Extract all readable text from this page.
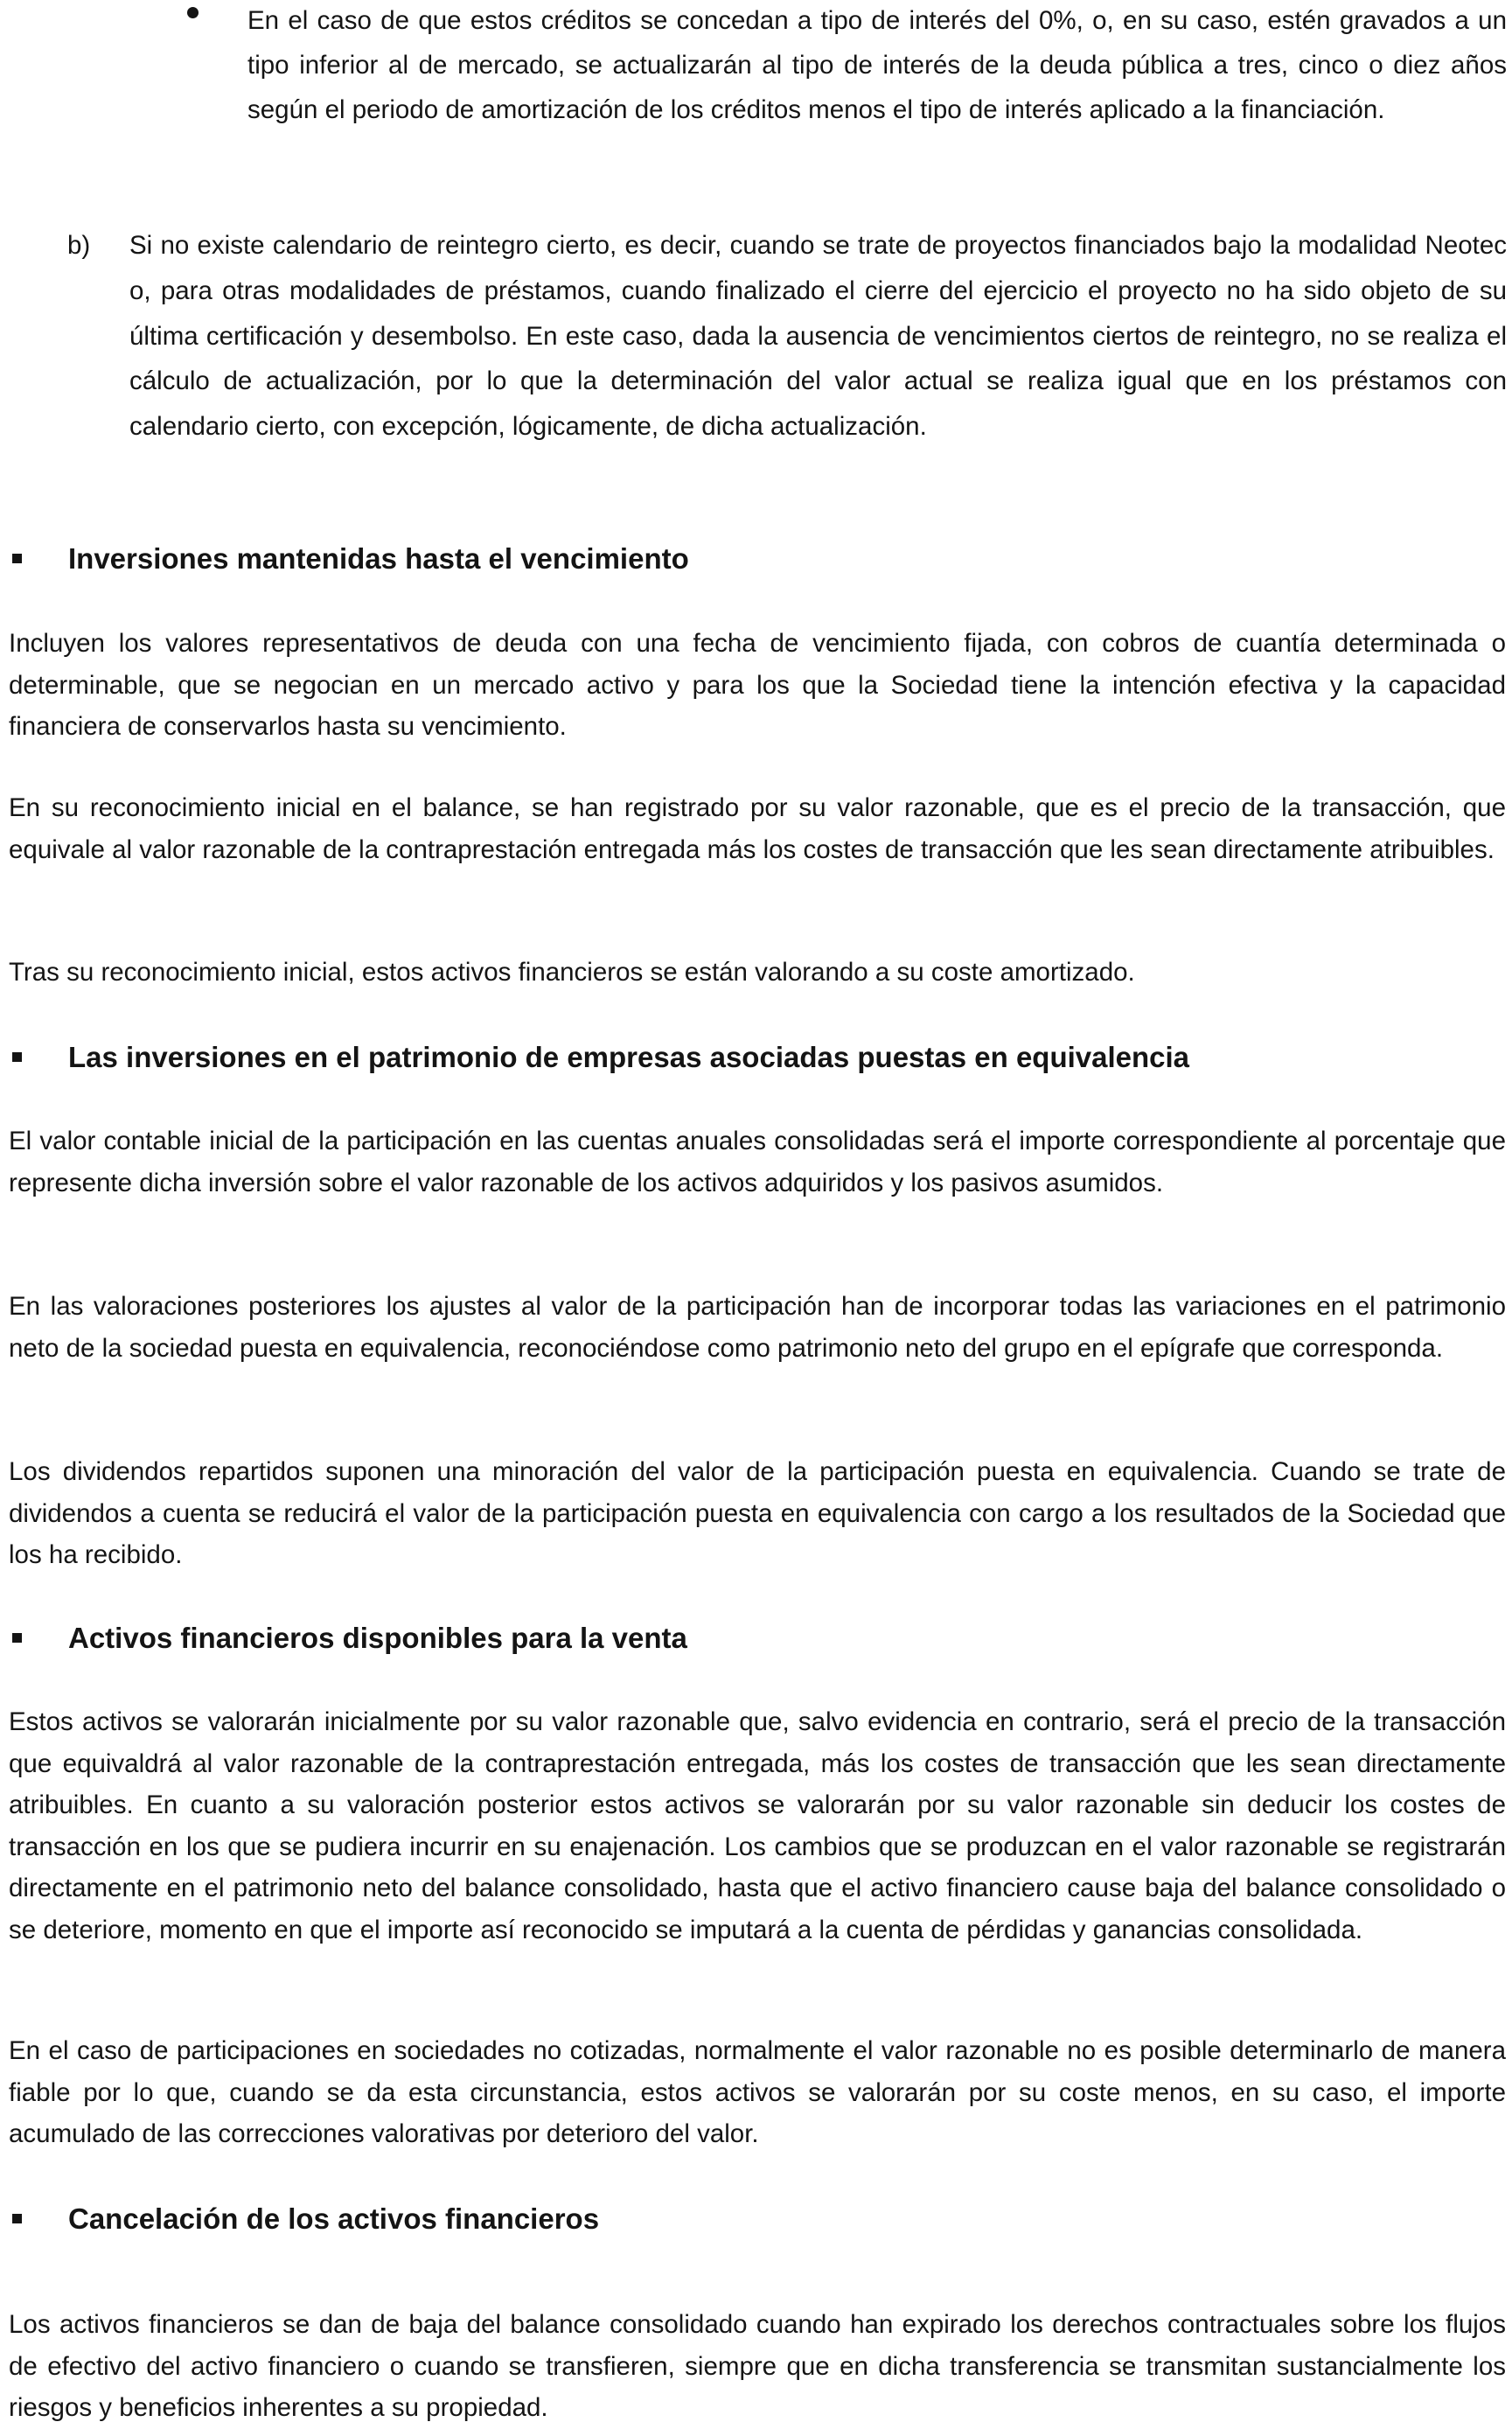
En el caso de que estos créditos se concedan a tipo de interés del 0%, o, en su caso, estén gravados a un tipo inferior al de mercado, se actualizarán al tipo de interés de la deuda pública a tres, cinco o diez años según el periodo de amortización de los créditos menos el tipo de interés aplicado a la financiación.

b) Si no existe calendario de reintegro cierto, es decir, cuando se trate de proyectos financiados bajo la modalidad Neotec o, para otras modalidades de préstamos, cuando finalizado el cierre del ejercicio el proyecto no ha sido objeto de su última certificación y desembolso. En este caso, dada la ausencia de vencimientos ciertos de reintegro, no se realiza el cálculo de actualización, por lo que la determinación del valor actual se realiza igual que en los préstamos con calendario cierto, con excepción, lógicamente, de dicha actualización.

Inversiones mantenidas hasta el vencimiento

Incluyen los valores representativos de deuda con una fecha de vencimiento fijada, con cobros de cuantía determinada o determinable, que se negocian en un mercado activo y para los que la Sociedad tiene la intención efectiva y la capacidad financiera de conservarlos hasta su vencimiento.

En su reconocimiento inicial en el balance, se han registrado por su valor razonable, que es el precio de la transacción, que equivale al valor razonable de la contraprestación entregada más los costes de transacción que les sean directamente atribuibles.

Tras su reconocimiento inicial, estos activos financieros se están valorando a su coste amortizado.

Las inversiones en el patrimonio de empresas asociadas puestas en equivalencia

El valor contable inicial de la participación en las cuentas anuales consolidadas será el importe correspondiente al porcentaje que represente dicha inversión sobre el valor razonable de los activos adquiridos y los pasivos asumidos.

En las valoraciones posteriores los ajustes al valor de la participación han de incorporar todas las variaciones en el patrimonio neto de la sociedad puesta en equivalencia, reconociéndose como patrimonio neto del grupo en el epígrafe que corresponda.

Los dividendos repartidos suponen una minoración del valor de la participación puesta en equivalencia. Cuando se trate de dividendos a cuenta se reducirá el valor de la participación puesta en equivalencia con cargo a los resultados de la Sociedad que los ha recibido.

Activos financieros disponibles para la venta

Estos activos se valorarán inicialmente por su valor razonable que, salvo evidencia en contrario, será el precio de la transacción que equivaldrá al valor razonable de la contraprestación entregada, más los costes de transacción que les sean directamente atribuibles. En cuanto a su valoración posterior estos activos se valorarán por su valor razonable sin deducir los costes de transacción en los que se pudiera incurrir en su enajenación. Los cambios que se produzcan en el valor razonable se registrarán directamente en el patrimonio neto del balance consolidado, hasta que el activo financiero cause baja del balance consolidado o se deteriore, momento en que el importe así reconocido se imputará a la cuenta de pérdidas y ganancias consolidada.

En el caso de participaciones en sociedades no cotizadas, normalmente el valor razonable no es posible determinarlo de manera fiable por lo que, cuando se da esta circunstancia, estos activos se valorarán por su coste menos, en su caso, el importe acumulado de las correcciones valorativas por deterioro del valor.

Cancelación de los activos financieros

Los activos financieros se dan de baja del balance consolidado cuando han expirado los derechos contractuales sobre los flujos de efectivo del activo financiero o cuando se transfieren, siempre que en dicha transferencia se transmitan sustancialmente los riesgos y beneficios inherentes a su propiedad.
